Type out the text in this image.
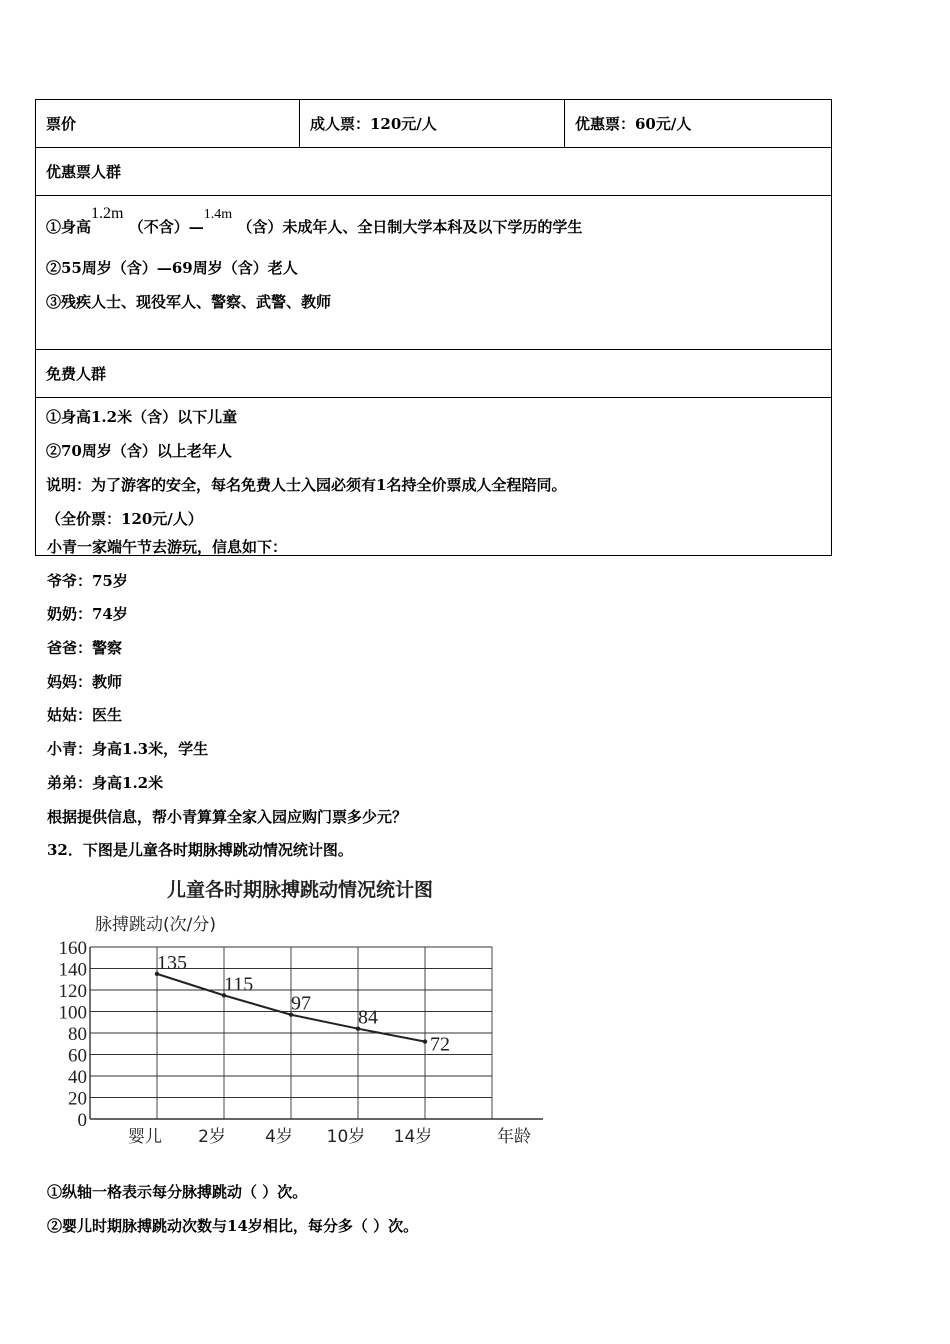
票价	成人票：120元/人	优惠票：60元/人
优惠票人群

①身高1.2m （不含）—1.4m （含）未成年人、全日制大学本科及以下学历的学生
②55周岁（含）—69周岁（含）老人
③残疾人士、现役军人、警察、武警、教师

免费人群

①身高1.2米（含）以下儿童
②70周岁（含）以上老年人
说明：为了游客的安全，每名免费人士入园必须有1名持全价票成人全程陪同。
（全价票：120元/人）

小青一家端午节去游玩，信息如下：

爷爷：75岁

奶奶：74岁

爸爸：警察

妈妈：教师

姑姑：医生

小青：身高1.3米，学生

弟弟：身高1.2米

根据提供信息，帮小青算算全家入园应购门票多少元？

32．下图是儿童各时期脉搏跳动情况统计图。

儿童各时期脉搏跳动情况统计图
脉搏跳动(次/分)
0
20
40
60
80
100
120
140
160
婴儿 2岁 4岁 10岁 14岁	年龄
135
115
97
84
72

①纵轴一格表示每分脉搏跳动（ ）次。

②婴儿时期脉搏跳动次数与14岁相比，每分多（ ）次。
